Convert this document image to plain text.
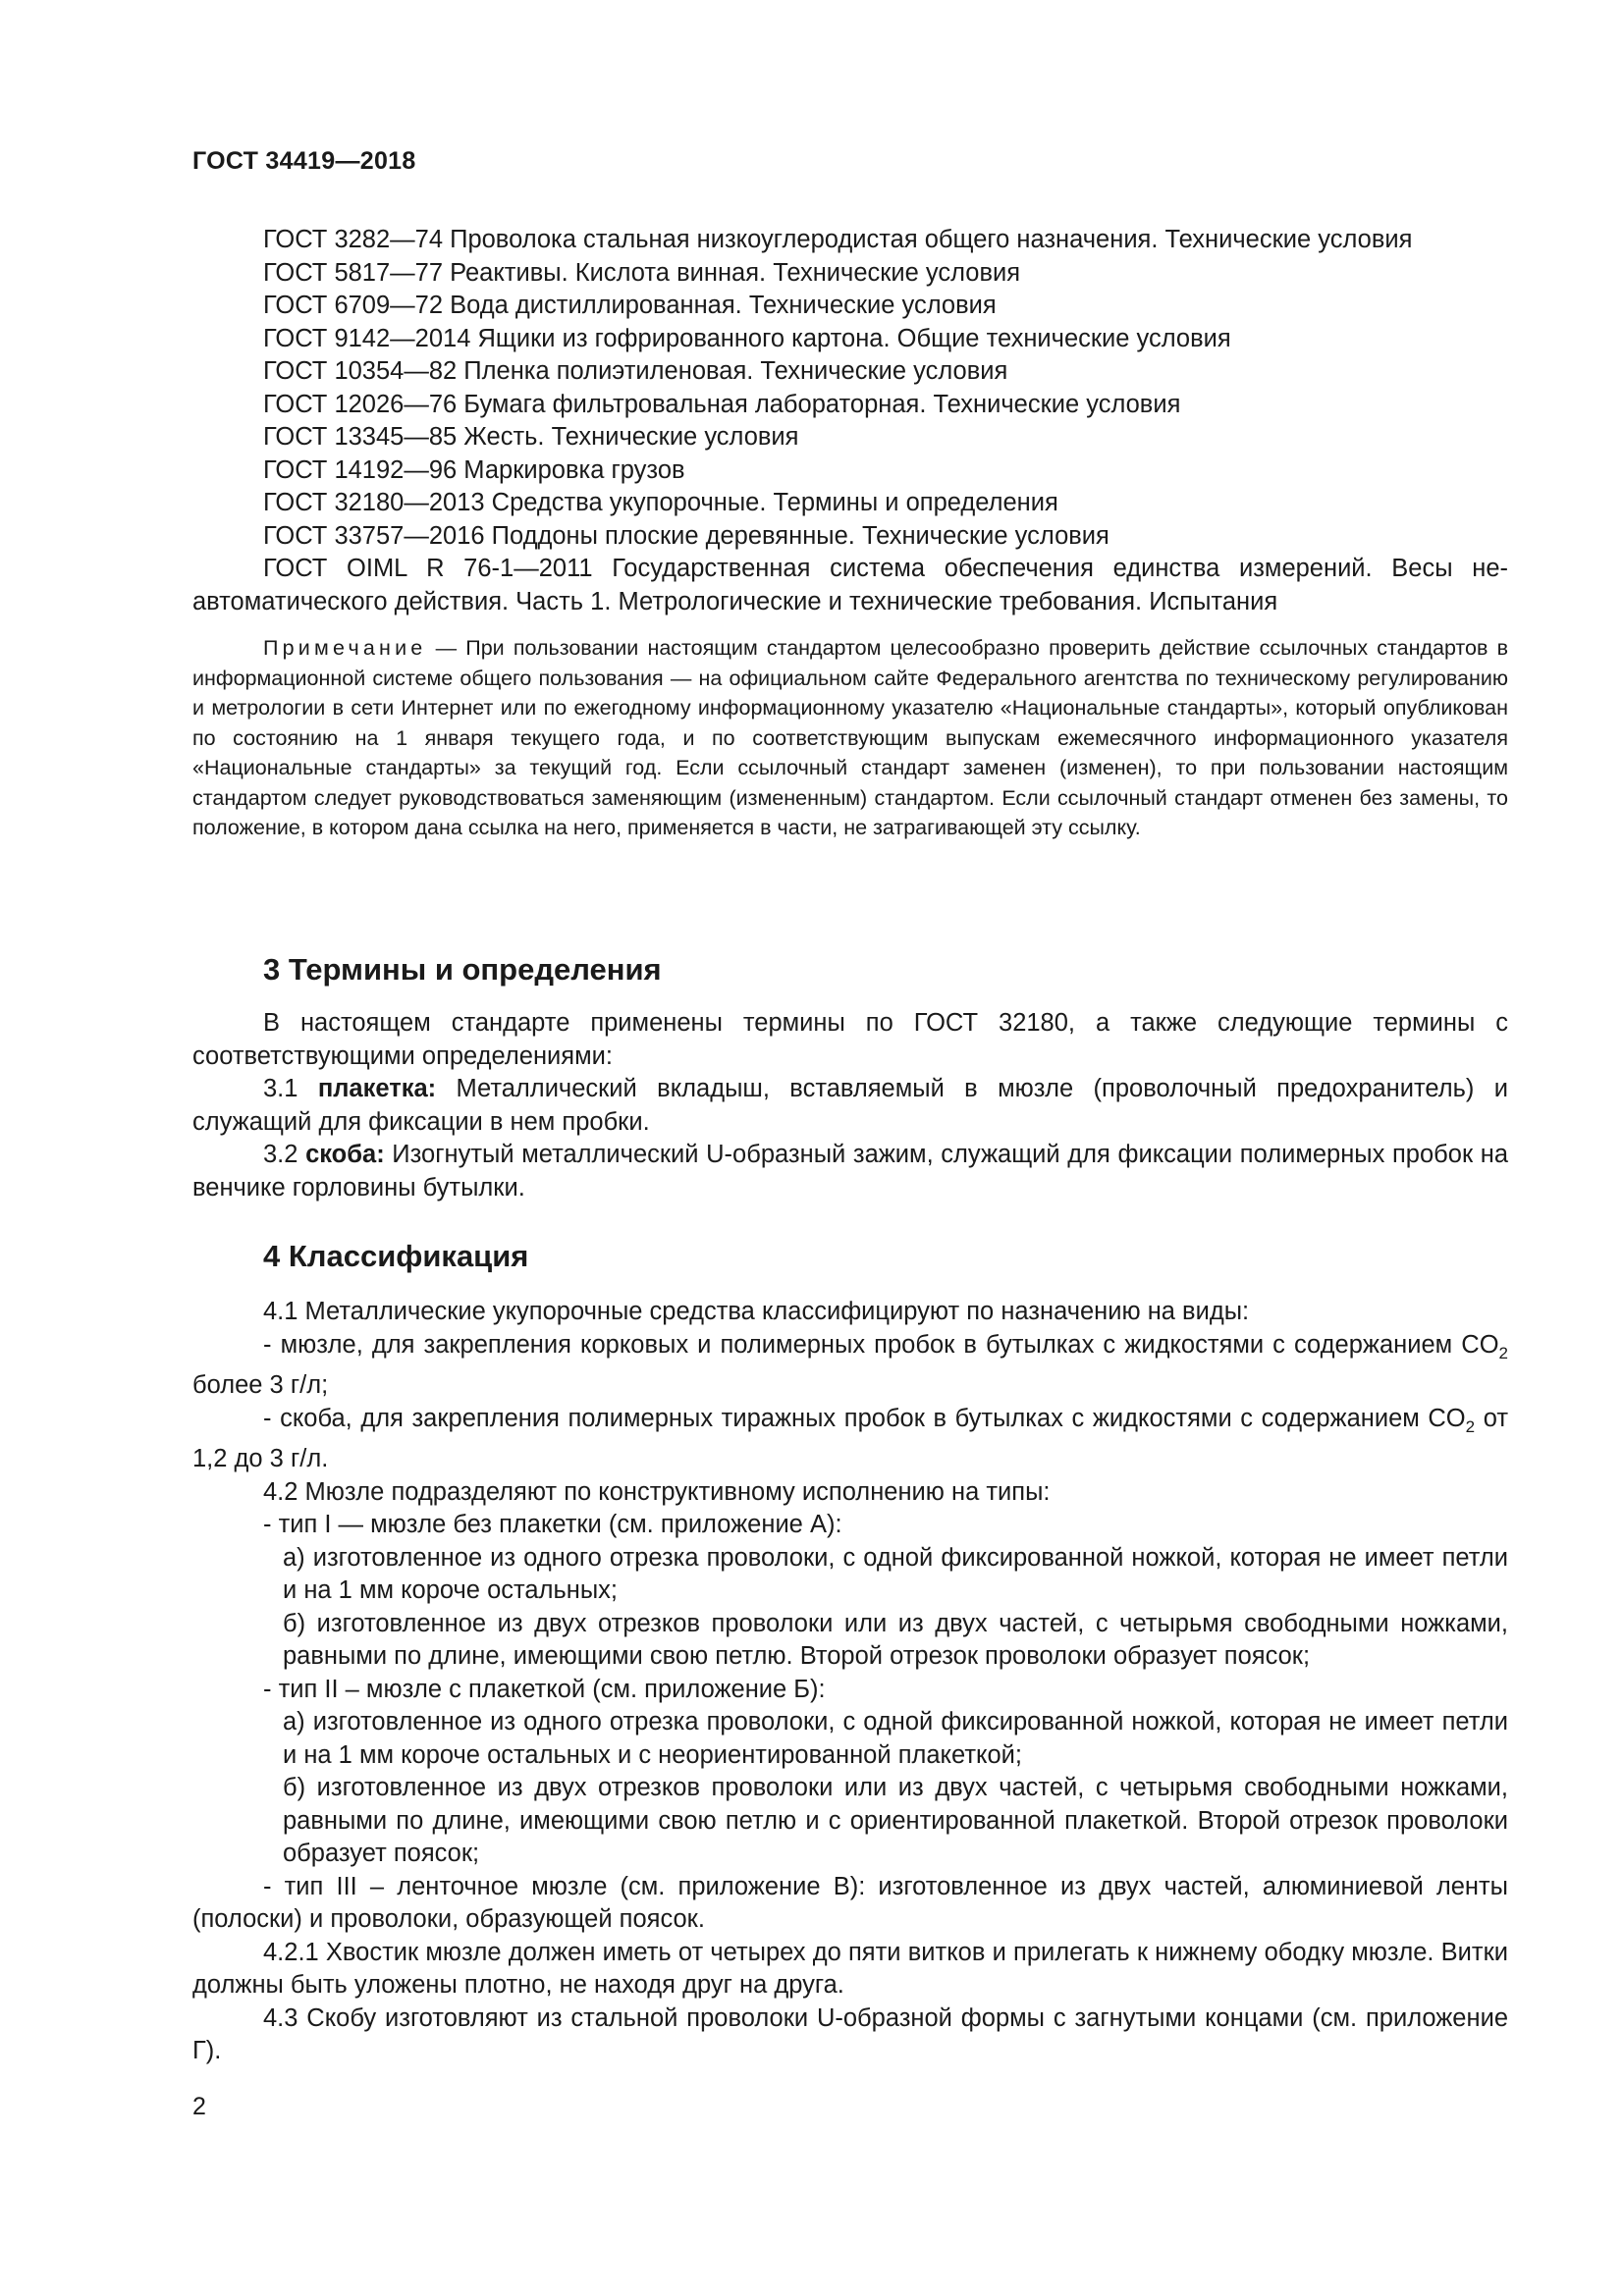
ГОСТ 34419—2018
ГОСТ 3282—74 Проволока стальная низкоуглеродистая общего назначения. Технические условия
ГОСТ 5817—77 Реактивы. Кислота винная. Технические условия
ГОСТ 6709—72 Вода дистиллированная. Технические условия
ГОСТ 9142—2014 Ящики из гофрированного картона. Общие технические условия
ГОСТ 10354—82 Пленка полиэтиленовая. Технические условия
ГОСТ 12026—76 Бумага фильтровальная лабораторная. Технические условия
ГОСТ 13345—85 Жесть. Технические условия
ГОСТ 14192—96 Маркировка грузов
ГОСТ 32180—2013 Средства укупорочные. Термины и определения
ГОСТ 33757—2016 Поддоны плоские деревянные. Технические условия
ГОСТ OIML R 76-1—2011 Государственная система обеспечения единства измерений. Весы не-
автоматического действия. Часть 1. Метрологические и технические требования. Испытания
Примечание — При пользовании настоящим стандартом целесообразно проверить действие ссылочных стандартов в информационной системе общего пользования — на официальном сайте Федерального агентства по техническому регулированию и метрологии в сети Интернет или по ежегодному информационному указателю «Национальные стандарты», который опубликован по состоянию на 1 января текущего года, и по соответствующим выпускам ежемесячного информационного указателя «Национальные стандарты» за текущий год. Если ссылочный стандарт заменен (изменен), то при пользовании настоящим стандартом следует руководствоваться заменяющим (измененным) стандартом. Если ссылочный стандарт отменен без замены, то положение, в котором дана ссылка на него, применяется в части, не затрагивающей эту ссылку.
3 Термины и определения

В настоящем стандарте применены термины по ГОСТ 32180, а также следующие термины с соответствующими определениями:

3.1 плакетка: Металлический вкладыш, вставляемый в мюзле (проволочный предохранитель) и служащий для фиксации в нем пробки.

3.2 скоба: Изогнутый металлический U-образный зажим, служащий для фиксации полимерных пробок на венчике горловины бутылки.

4 Классификация

4.1 Металлические укупорочные средства классифицируют по назначению на виды:

- мюзле, для закрепления корковых и полимерных пробок в бутылках с жидкостями с содержанием $CO_2$ более 3 г/л;

- скоба, для закрепления полимерных тиражных пробок в бутылках с жидкостями с содержанием $CO_2$ от 1,2 до 3 г/л.

4.2 Мюзле подразделяют по конструктивному исполнению на типы:

- тип I — мюзле без плакетки (см. приложение А):

а) изготовленное из одного отрезка проволоки, с одной фиксированной ножкой, которая не имеет петли и на 1 мм короче остальных;

б) изготовленное из двух отрезков проволоки или из двух частей, с четырьмя свободными ножками, равными по длине, имеющими свою петлю. Второй отрезок проволоки образует поясок;

- тип II – мюзле с плакеткой (см. приложение Б):

а) изготовленное из одного отрезка проволоки, с одной фиксированной ножкой, которая не имеет петли и на 1 мм короче остальных и с неориентированной плакеткой;

б) изготовленное из двух отрезков проволоки или из двух частей, с четырьмя свободными ножками, равными по длине, имеющими свою петлю и с ориентированной плакеткой. Второй отрезок проволоки образует поясок;

- тип III – ленточное мюзле (см. приложение В): изготовленное из двух частей, алюминиевой ленты (полоски) и проволоки, образующей поясок.

4.2.1 Хвостик мюзле должен иметь от четырех до пяти витков и прилегать к нижнему ободку мюзле. Витки должны быть уложены плотно, не находя друг на друга.

4.3 Скобу изготовляют из стальной проволоки U-образной формы с загнутыми концами (см. приложение Г).

2
